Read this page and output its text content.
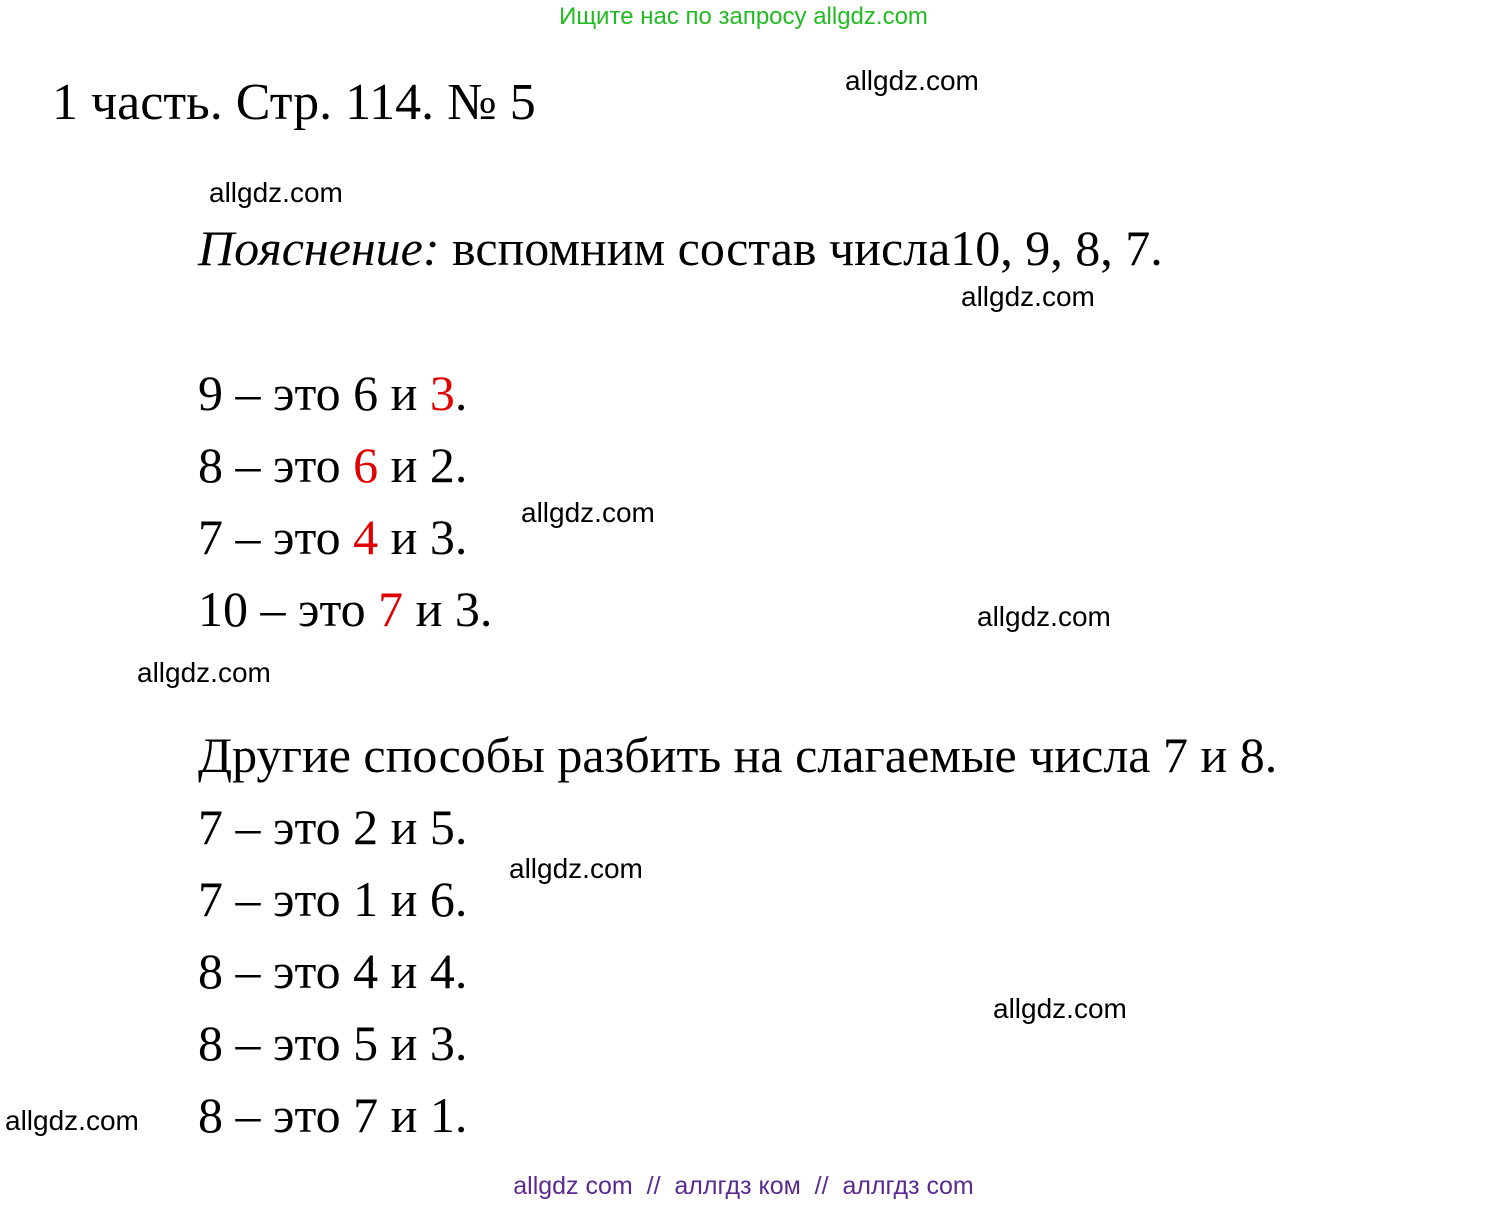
Ищите нас по запросу allgdz.com
1 часть. Стр. 114. № 5
Пояснение: вспомним состав числа10, 9, 8, 7.
9 – это 6 и 3.
8 – это 6 и 2.
7 – это 4 и 3.
10 – это 7 и 3.
Другие способы разбить на слагаемые числа 7 и 8.
7 – это 2 и 5.
7 – это 1 и 6.
8 – это 4 и 4.
8 – это 5 и 3.
8 – это 7 и 1.
allgdz.com
allgdz.com
allgdz.com
allgdz.com
allgdz.com
allgdz.com
allgdz.com
allgdz.com
allgdz.com
allgdz com  //  аллгдз ком  //  аллгдз com
